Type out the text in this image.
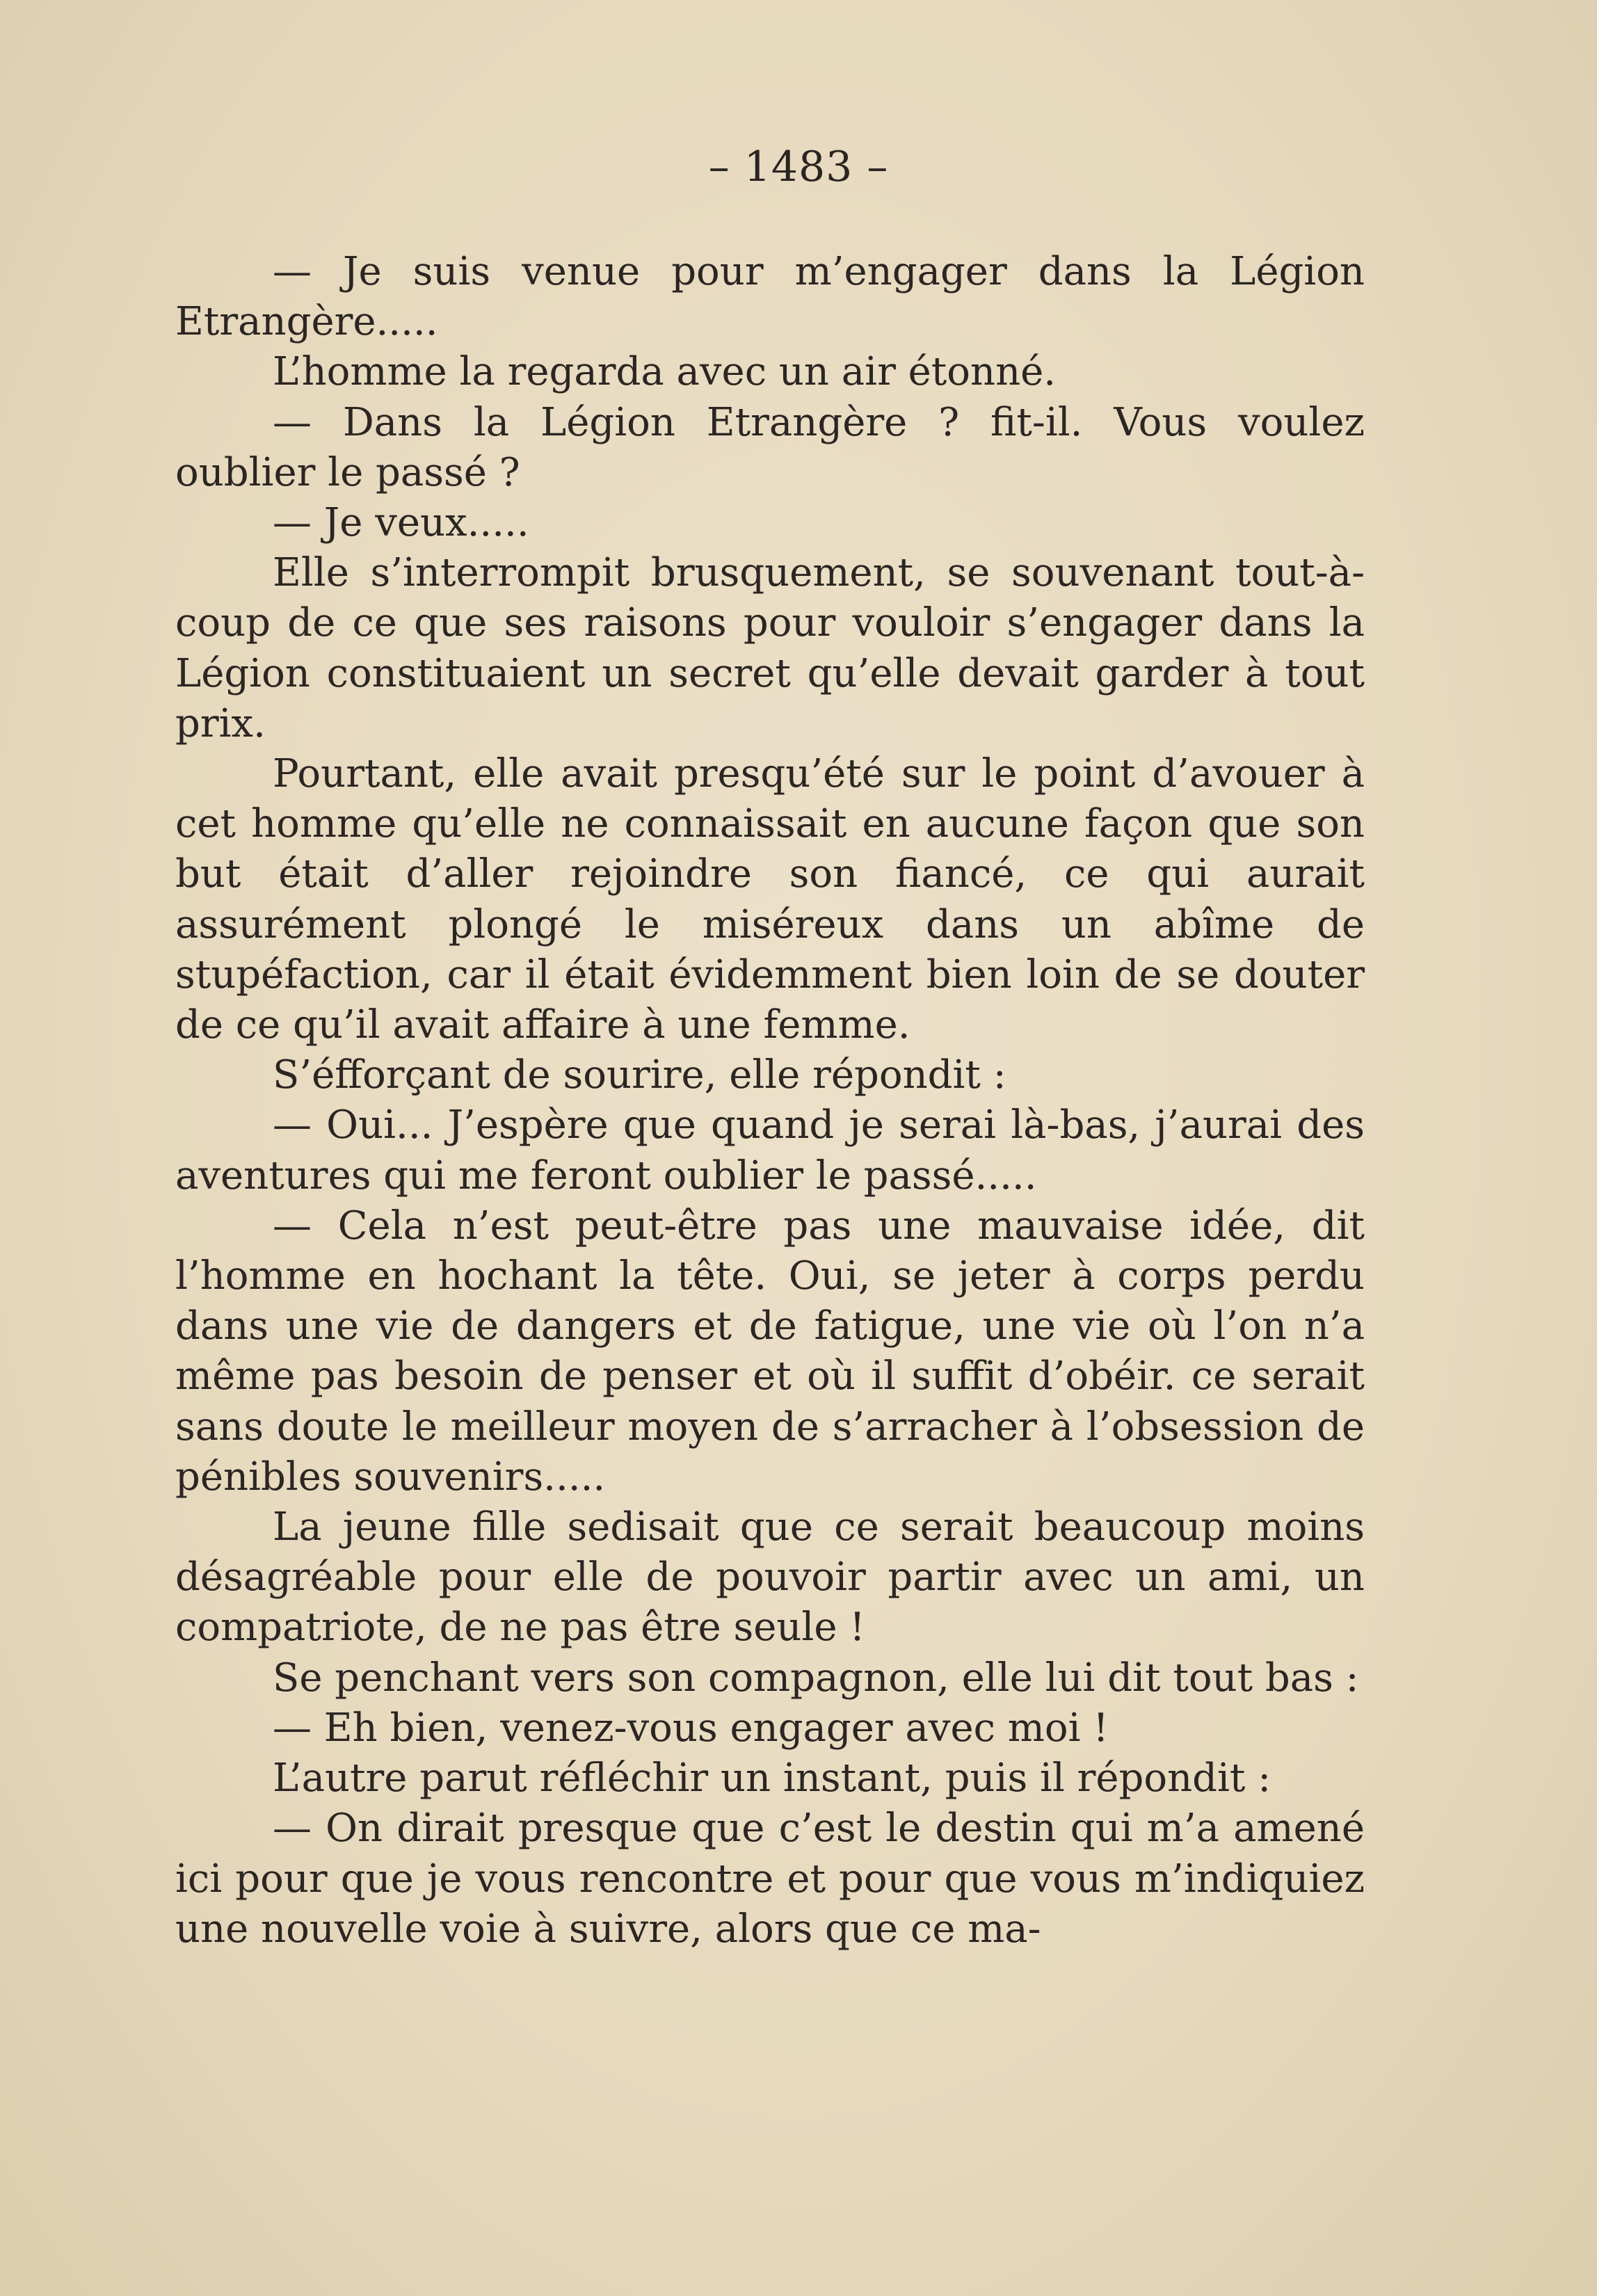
– 1483 –

— Je suis venue pour m’engager dans la Légion Etrangère.....

L’homme la regarda avec un air étonné.

— Dans la Légion Etrangère ? fit-il. Vous voulez oublier le passé ?

— Je veux.....

Elle s’interrompit brusquement, se souvenant tout-à-coup de ce que ses raisons pour vouloir s’engager dans la Légion constituaient un secret qu’elle devait garder à tout prix.

Pourtant, elle avait presqu’été sur le point d’avouer à cet homme qu’elle ne connaissait en aucune façon que son but était d’aller rejoindre son fiancé, ce qui aurait assurément plongé le miséreux dans un abîme de stupéfaction, car il était évidemment bien loin de se douter de ce qu’il avait affaire à une femme.

S’éfforçant de sourire, elle répondit :

— Oui... J’espère que quand je serai là-bas, j’aurai des aventures qui me feront oublier le passé.....

— Cela n’est peut-être pas une mauvaise idée, dit l’homme en hochant la tête. Oui, se jeter à corps perdu dans une vie de dangers et de fatigue, une vie où l’on n’a même pas besoin de penser et où il suffit d’obéir. ce serait sans doute le meilleur moyen de s’arracher à l’obsession de pénibles souvenirs.....

La jeune fille sedisait que ce serait beaucoup moins désagréable pour elle de pouvoir partir avec un ami, un compatriote, de ne pas être seule !

Se penchant vers son compagnon, elle lui dit tout bas :

— Eh bien, venez-vous engager avec moi !

L’autre parut réfléchir un instant, puis il répondit :

— On dirait presque que c’est le destin qui m’a amené ici pour que je vous rencontre et pour que vous m’indiquiez une nouvelle voie à suivre, alors que ce ma-
